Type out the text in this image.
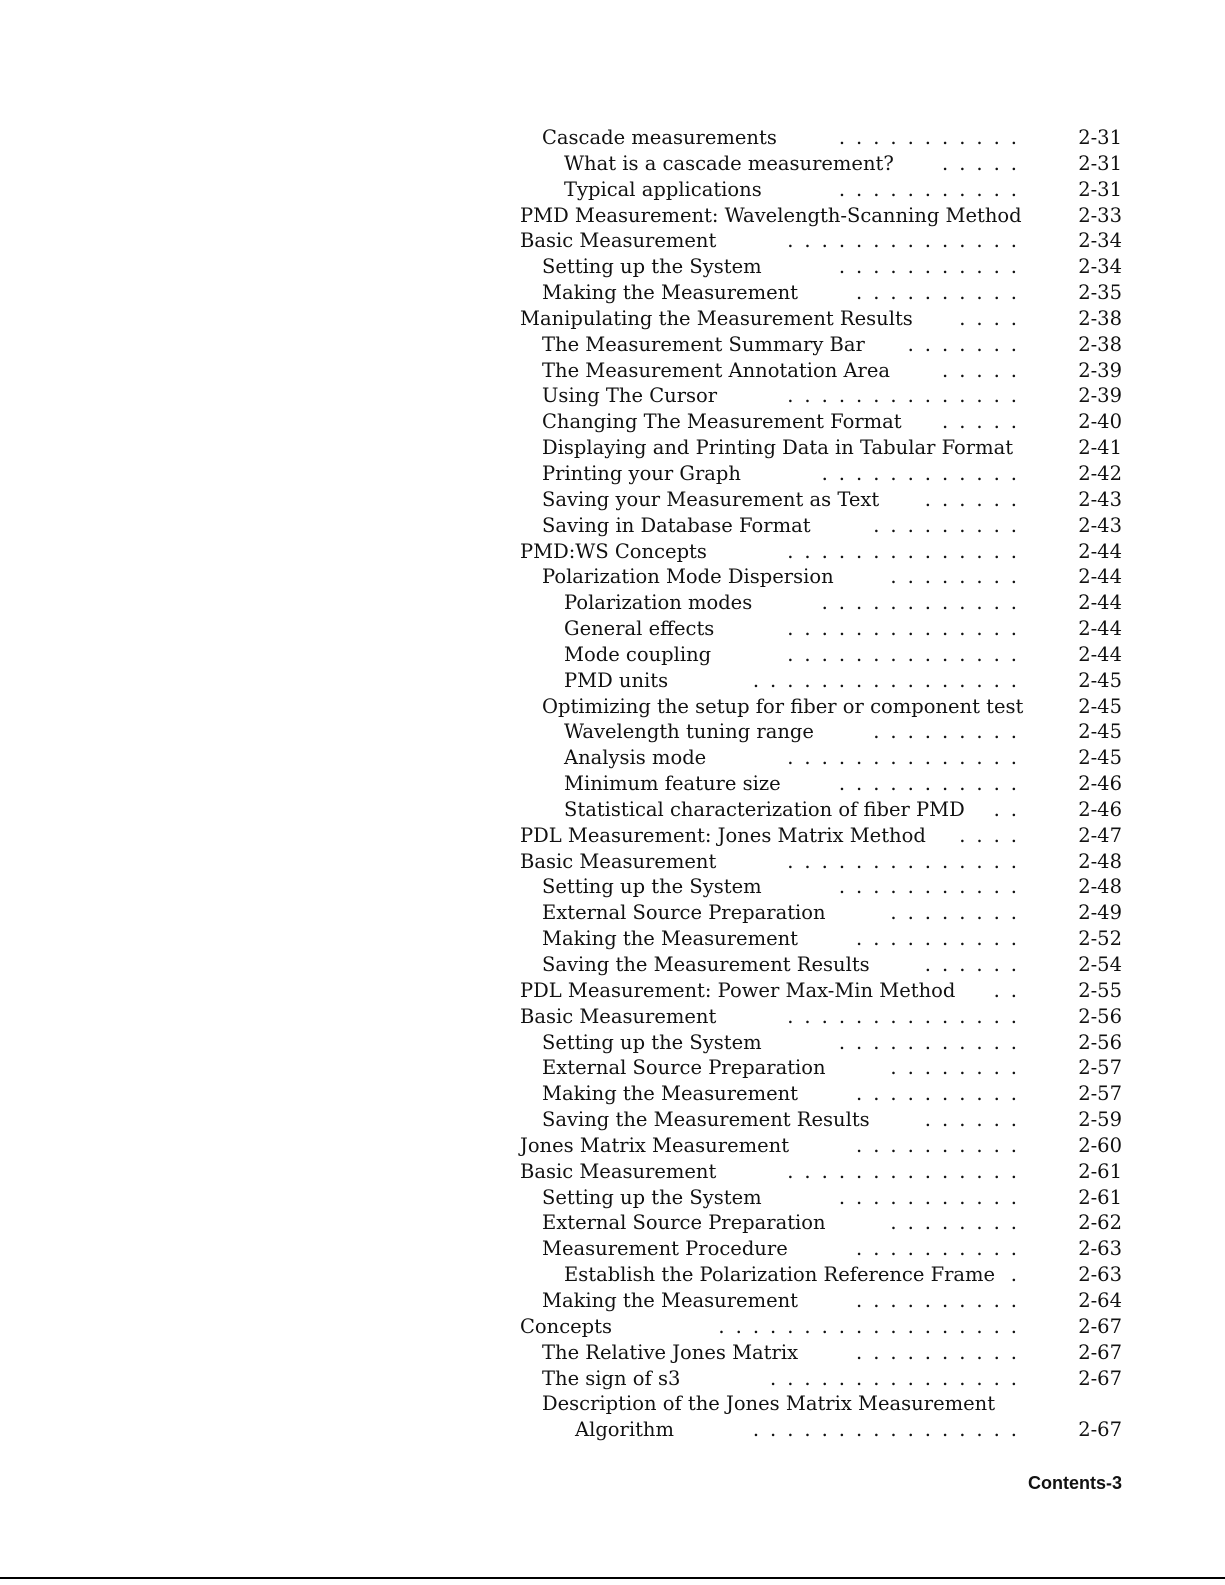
Cascade measurements	...........	2-31
What is a cascade measurement?	.....	2-31
Typical applications	...........	2-31
PMD Measurement: Wavelength-Scanning Method	2-33
Basic Measurement	..............	2-34
Setting up the System	...........	2-34
Making the Measurement	..........	2-35
Manipulating the Measurement Results	....	2-38
The Measurement Summary Bar	.......	2-38
The Measurement Annotation Area	.....	2-39
Using The Cursor	..............	2-39
Changing The Measurement Format	.....	2-40
Displaying and Printing Data in Tabular Format	2-41
Printing your Graph	............	2-42
Saving your Measurement as Text	......	2-43
Saving in Database Format	.........	2-43
PMD:WS Concepts	..............	2-44
Polarization Mode Dispersion	........	2-44
Polarization modes	............	2-44
General effects	..............	2-44
Mode coupling	..............	2-44
PMD units	................	2-45
Optimizing the setup for fiber or component test	2-45
Wavelength tuning range	.........	2-45
Analysis mode	..............	2-45
Minimum feature size	...........	2-46
Statistical characterization of fiber PMD	..	2-46
PDL Measurement: Jones Matrix Method	....	2-47
Basic Measurement	..............	2-48
Setting up the System	...........	2-48
External Source Preparation	........	2-49
Making the Measurement	..........	2-52
Saving the Measurement Results	......	2-54
PDL Measurement: Power Max-Min Method	..	2-55
Basic Measurement	..............	2-56
Setting up the System	...........	2-56
External Source Preparation	........	2-57
Making the Measurement	..........	2-57
Saving the Measurement Results	......	2-59
Jones Matrix Measurement	..........	2-60
Basic Measurement	..............	2-61
Setting up the System	...........	2-61
External Source Preparation	........	2-62
Measurement Procedure	..........	2-63
Establish the Polarization Reference Frame .	2-63
Making the Measurement	..........	2-64
Concepts	..................	2-67
The Relative Jones Matrix	..........	2-67
The sign of s3	...............	2-67
Description of the Jones Matrix Measurement
Algorithm	................	2-67
Contents-3
